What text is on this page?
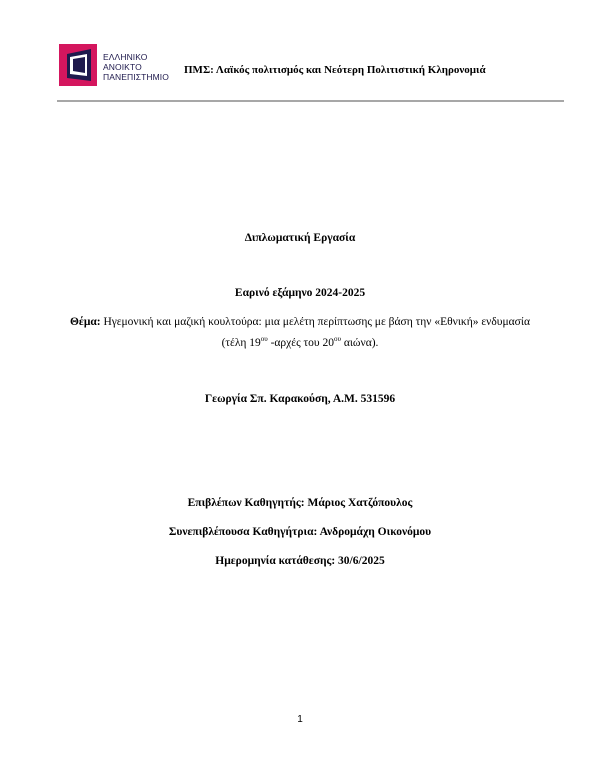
ΕΛΛΗΝΙΚΟ
ΑΝΟΙΚΤΟ
ΠΑΝΕΠΙΣΤΗΜΙΟ
ΠΜΣ: Λαϊκός πολιτισμός και Νεότερη Πολιτιστική Κληρονομιά
Διπλωματική Εργασία
Εαρινό εξάμηνο 2024-2025
Θέμα: Ηγεμονική και μαζική κουλτούρα: μια μελέτη περίπτωσης με βάση την «Εθνική» ενδυμασία
(τέλη $19^{o\upsilon}$ -αρχές του $20^{o\upsilon}$ αιώνα).
Γεωργία Σπ. Καρακούση, Α.Μ. 531596
Επιβλέπων Καθηγητής: Μάριος Χατζόπουλος
Συνεπιβλέπουσα Καθηγήτρια: Ανδρομάχη Οικονόμου
Ημερομηνία κατάθεσης: 30/6/2025
1
